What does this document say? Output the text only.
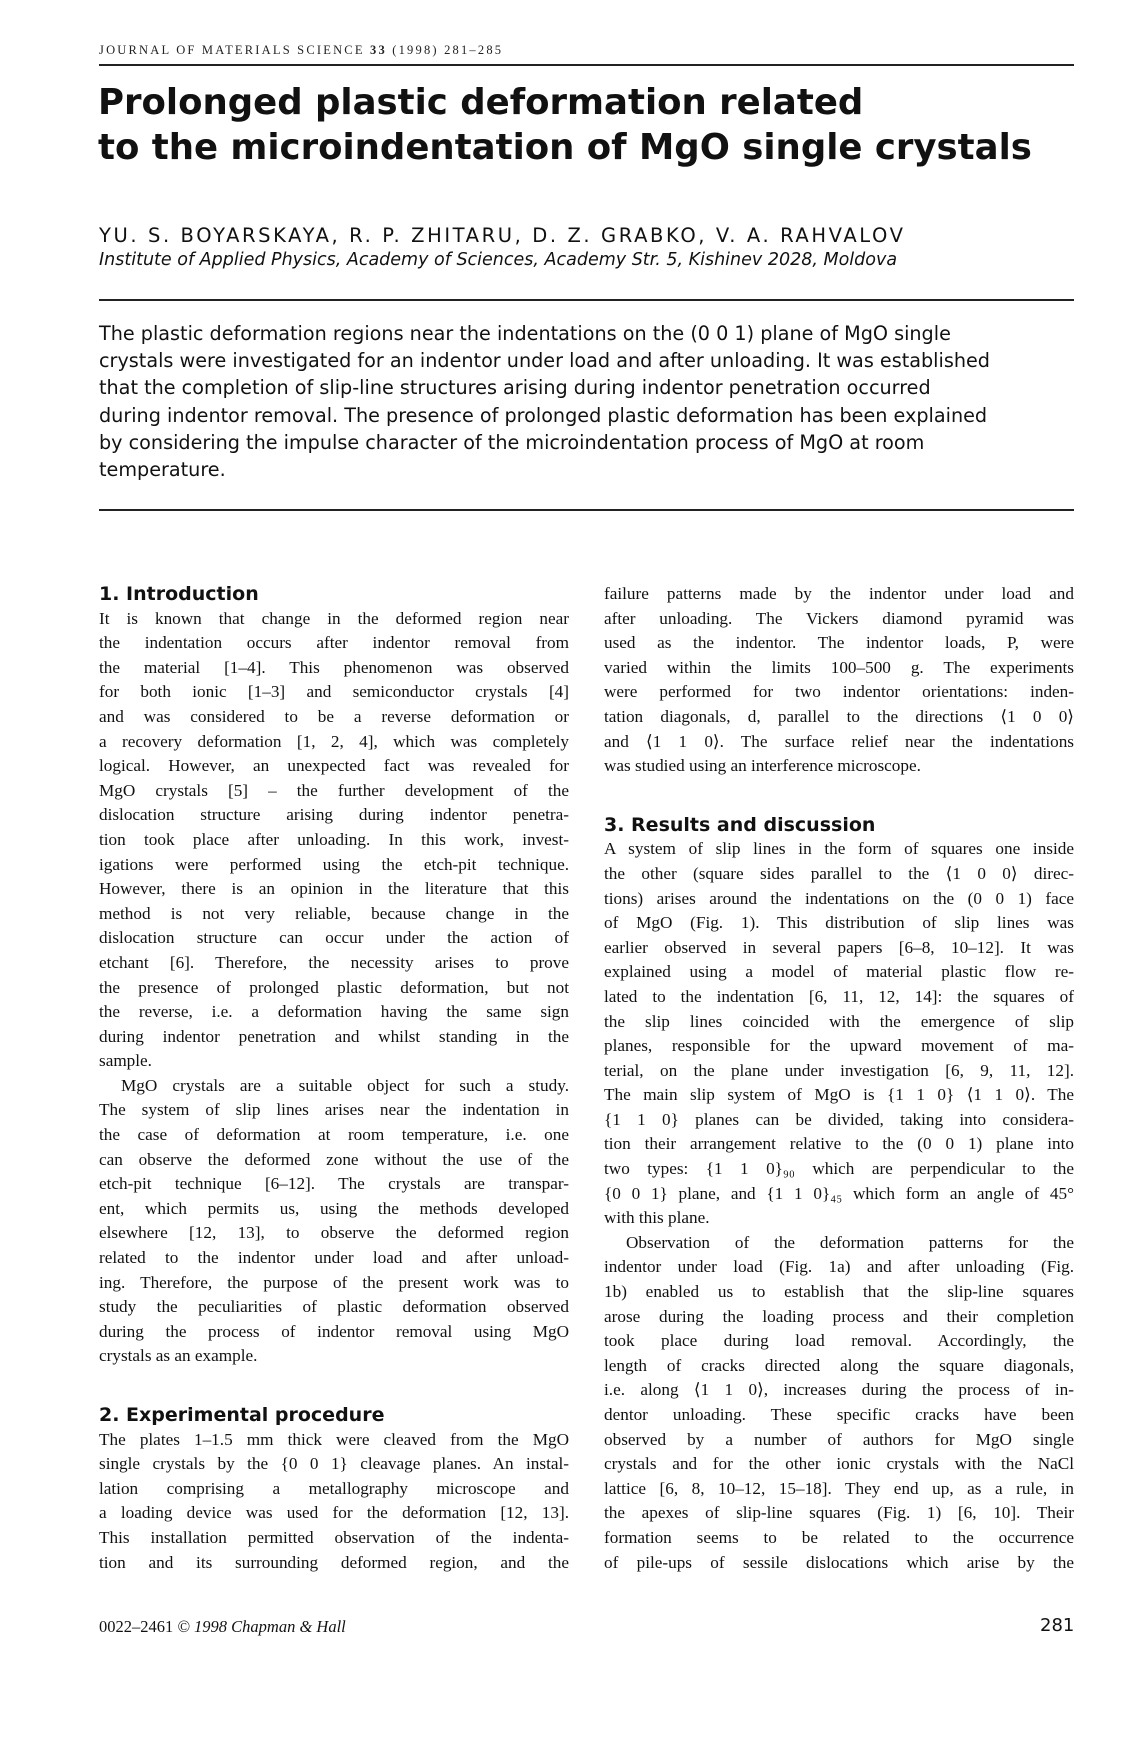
JOURNAL OF MATERIALS SCIENCE 33 (1998) 281–285
Prolonged plastic deformation related
to the microindentation of MgO single crystals
YU. S. BOYARSKAYA, R. P. ZHITARU, D. Z. GRABKO, V. A. RAHVALOV
Institute of Applied Physics, Academy of Sciences, Academy Str. 5, Kishinev 2028, Moldova
The plastic deformation regions near the indentations on the (0 0 1) plane of MgO single
crystals were investigated for an indentor under load and after unloading. It was established
that the completion of slip-line structures arising during indentor penetration occurred
during indentor removal. The presence of prolonged plastic deformation has been explained
by considering the impulse character of the microindentation process of MgO at room
temperature.
1. Introduction
It is known that change in the deformed region near
the indentation occurs after indentor removal from
the material [1–4]. This phenomenon was observed
for both ionic [1–3] and semiconductor crystals [4]
and was considered to be a reverse deformation or
a recovery deformation [1, 2, 4], which was completely
logical. However, an unexpected fact was revealed for
MgO crystals [5] – the further development of the
dislocation structure arising during indentor penetra-
tion took place after unloading. In this work, invest-
igations were performed using the etch-pit technique.
However, there is an opinion in the literature that this
method is not very reliable, because change in the
dislocation structure can occur under the action of
etchant [6]. Therefore, the necessity arises to prove
the presence of prolonged plastic deformation, but not
the reverse, i.e. a deformation having the same sign
during indentor penetration and whilst standing in the
sample.
MgO crystals are a suitable object for such a study.
The system of slip lines arises near the indentation in
the case of deformation at room temperature, i.e. one
can observe the deformed zone without the use of the
etch-pit technique [6–12]. The crystals are transpar-
ent, which permits us, using the methods developed
elsewhere [12, 13], to observe the deformed region
related to the indentor under load and after unload-
ing. Therefore, the purpose of the present work was to
study the peculiarities of plastic deformation observed
during the process of indentor removal using MgO
crystals as an example.
2. Experimental procedure
The plates 1–1.5 mm thick were cleaved from the MgO
single crystals by the {0 0 1} cleavage planes. An instal-
lation comprising a metallography microscope and
a loading device was used for the deformation [12, 13].
This installation permitted observation of the indenta-
tion and its surrounding deformed region, and the
failure patterns made by the indentor under load and
after unloading. The Vickers diamond pyramid was
used as the indentor. The indentor loads, P, were
varied within the limits 100–500 g. The experiments
were performed for two indentor orientations: inden-
tation diagonals, d, parallel to the directions ⟨1 0 0⟩
and ⟨1 1 0⟩. The surface relief near the indentations
was studied using an interference microscope.
3. Results and discussion
A system of slip lines in the form of squares one inside
the other (square sides parallel to the ⟨1 0 0⟩ direc-
tions) arises around the indentations on the (0 0 1) face
of MgO (Fig. 1). This distribution of slip lines was
earlier observed in several papers [6–8, 10–12]. It was
explained using a model of material plastic flow re-
lated to the indentation [6, 11, 12, 14]: the squares of
the slip lines coincided with the emergence of slip
planes, responsible for the upward movement of ma-
terial, on the plane under investigation [6, 9, 11, 12].
The main slip system of MgO is {1 1 0} ⟨1 1 0⟩. The
{1 1 0} planes can be divided, taking into considera-
tion their arrangement relative to the (0 0 1) plane into
two types: {1 1 0}₉₀ which are perpendicular to the
{0 0 1} plane, and {1 1 0}₄₅ which form an angle of 45°
with this plane.
Observation of the deformation patterns for the
indentor under load (Fig. 1a) and after unloading (Fig.
1b) enabled us to establish that the slip-line squares
arose during the loading process and their completion
took place during load removal. Accordingly, the
length of cracks directed along the square diagonals,
i.e. along ⟨1 1 0⟩, increases during the process of in-
dentor unloading. These specific cracks have been
observed by a number of authors for MgO single
crystals and for the other ionic crystals with the NaCl
lattice [6, 8, 10–12, 15–18]. They end up, as a rule, in
the apexes of slip-line squares (Fig. 1) [6, 10]. Their
formation seems to be related to the occurrence
of pile-ups of sessile dislocations which arise by the
0022–2461 © 1998 Chapman & Hall	281
